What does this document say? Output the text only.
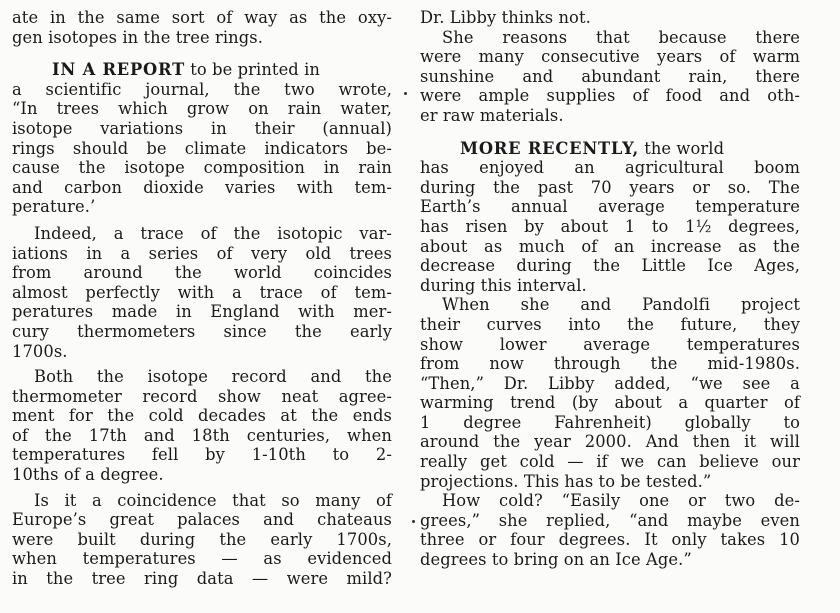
ate in the same sort of way as the oxy-
gen isotopes in the tree rings.
IN A REPORT to be printed in
a scientific journal, the two wrote,
“In trees which grow on rain water,
isotope variations in their (annual)
rings should be climate indicators be-
cause the isotope composition in rain
and carbon dioxide varies with tem-
perature.’
Indeed, a trace of the isotopic var-
iations in a series of very old trees
from around the world coincides
almost perfectly with a trace of tem-
peratures made in England with mer-
cury thermometers since the early
1700s.
Both the isotope record and the
thermometer record show neat agree-
ment for the cold decades at the ends
of the 17th and 18th centuries, when
temperatures fell by 1-10th to 2-
10ths of a degree.
Is it a coincidence that so many of
Europe’s great palaces and chateaus
were built during the early 1700s,
when temperatures — as evidenced
in the tree ring data — were mild?
Dr. Libby thinks not.
She reasons that because there
were many consecutive years of warm
sunshine and abundant rain, there
were ample supplies of food and oth-
er raw materials.
MORE RECENTLY, the world
has enjoyed an agricultural boom
during the past 70 years or so. The
Earth’s annual average temperature
has risen by about 1 to 1½ degrees,
about as much of an increase as the
decrease during the Little Ice Ages,
during this interval.
When she and Pandolfi project
their curves into the future, they
show lower average temperatures
from now through the mid-1980s.
“Then,” Dr. Libby added, “we see a
warming trend (by about a quarter of
1 degree Fahrenheit) globally to
around the year 2000. And then it will
really get cold — if we can believe our
projections. This has to be tested.”
How cold? “Easily one or two de-
grees,” she replied, “and maybe even
three or four degrees. It only takes 10
degrees to bring on an Ice Age.”
